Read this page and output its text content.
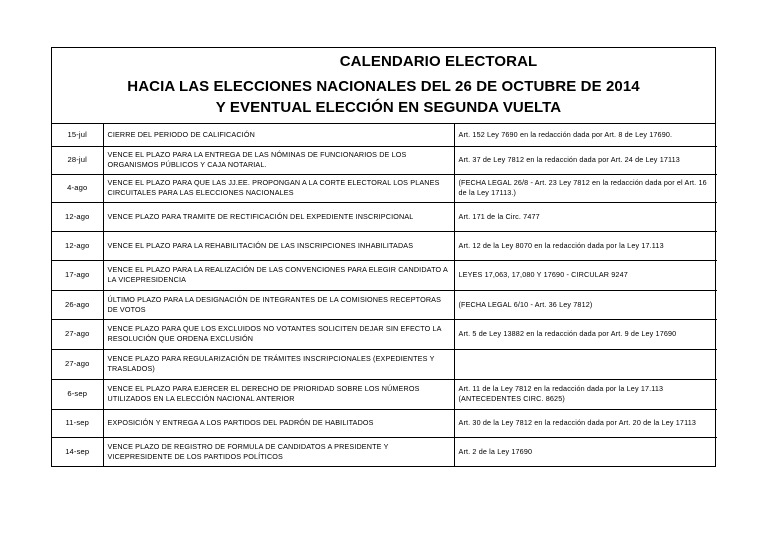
CALENDARIO ELECTORAL
HACIA LAS ELECCIONES NACIONALES DEL 26 DE OCTUBRE DE 2014
Y EVENTUAL ELECCIÓN EN SEGUNDA VUELTA
15-jul	CIERRE DEL PERIODO DE CALIFICACIÓN	Art. 152 Ley 7690 en la redacción dada por Art. 8 de Ley 17690.
28-jul	VENCE EL PLAZO PARA LA ENTREGA DE LAS NÓMINAS DE FUNCIONARIOS DE LOS ORGANISMOS PÚBLICOS Y CAJA NOTARIAL.	Art. 37 de Ley 7812 en la redacción dada por Art. 24 de Ley 17113
4-ago	VENCE EL PLAZO PARA QUE LAS JJ.EE. PROPONGAN A LA CORTE ELECTORAL LOS PLANES CIRCUITALES PARA LAS ELECCIONES NACIONALES	(FECHA LEGAL 26/8 - Art. 23 Ley 7812 en la redacción dada por el Art. 16 de la Ley 17113.)
12-ago	VENCE PLAZO PARA TRAMITE DE RECTIFICACIÓN DEL EXPEDIENTE INSCRIPCIONAL	Art. 171 de la Circ. 7477
12-ago	VENCE EL PLAZO PARA LA REHABILITACIÓN DE LAS INSCRIPCIONES INHABILITADAS	Art. 12 de la Ley 8070 en la redacción dada por la Ley 17.113
17-ago	VENCE EL PLAZO PARA LA REALIZACIÓN DE LAS CONVENCIONES PARA ELEGIR CANDIDATO A LA VICEPRESIDENCIA	LEYES 17,063, 17,080 Y 17690 - CIRCULAR 9247
26-ago	ÚLTIMO PLAZO PARA LA DESIGNACIÓN DE INTEGRANTES DE LA COMISIONES RECEPTORAS DE VOTOS	(FECHA LEGAL 6/10 - Art. 36 Ley 7812)
27-ago	VENCE PLAZO PARA QUE LOS EXCLUIDOS NO VOTANTES SOLICITEN DEJAR SIN EFECTO LA RESOLUCIÓN QUE ORDENA EXCLUSIÓN	Art. 5 de Ley 13882 en la redacción dada por Art. 9 de Ley 17690
27-ago	VENCE PLAZO PARA REGULARIZACIÓN DE TRÁMITES INSCRIPCIONALES (EXPEDIENTES Y TRASLADOS)	
6-sep	VENCE EL PLAZO PARA EJERCER EL DERECHO DE PRIORIDAD SOBRE LOS NÚMEROS UTILIZADOS EN LA ELECCIÓN NACIONAL ANTERIOR	Art. 11 de la Ley 7812 en la redacción dada por la Ley 17.113 (ANTECEDENTES CIRC. 8625)
11-sep	EXPOSICIÓN Y ENTREGA A LOS PARTIDOS DEL PADRÓN DE HABILITADOS	Art. 30 de la Ley 7812 en la redacción dada por Art. 20 de la Ley 17113
14-sep	VENCE PLAZO DE REGISTRO DE FORMULA DE CANDIDATOS A PRESIDENTE Y VICEPRESIDENTE DE LOS PARTIDOS POLÍTICOS	Art. 2 de la Ley 17690
